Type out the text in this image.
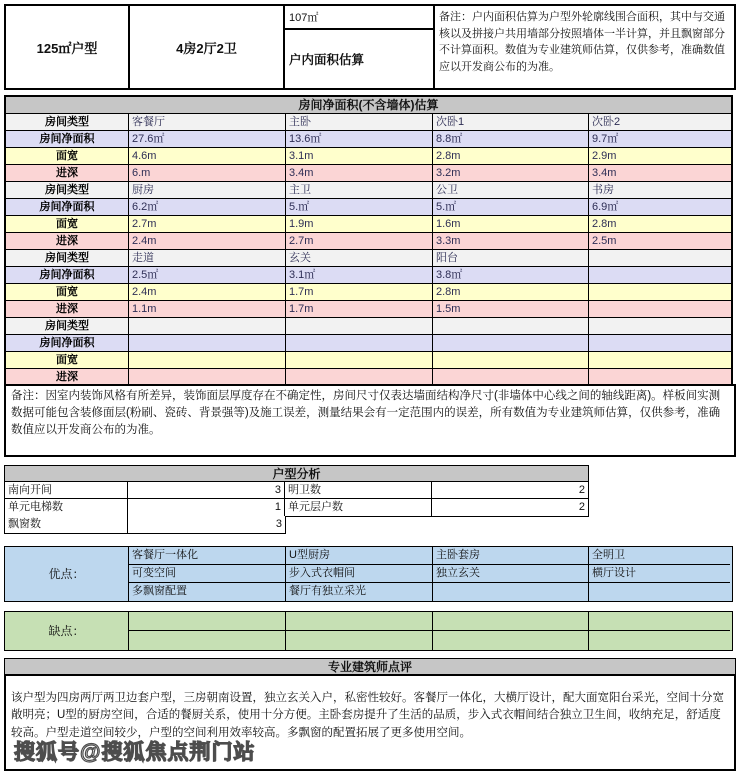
125㎡户型	4房2厅2卫
107㎡
户内面积估算
备注：户内面积估算为户型外轮廓线围合面积，其中与交通核以及拼接户共用墙部分按照墙体一半计算，并且飘窗部分不计算面积。数值为专业建筑师估算，仅供参考，准确数值应以开发商公布的为准。
房间净面积(不含墙体)估算
房间类型	客餐厅	主卧	次卧1	次卧2
房间净面积	27.6㎡	13.6㎡	8.8㎡	9.7㎡
面宽	4.6m	3.1m	2.8m	2.9m
进深	6.m	3.4m	3.2m	3.4m
房间类型	厨房	主卫	公卫	书房
房间净面积	6.2㎡	5.㎡	5.㎡	6.9㎡
面宽	2.7m	1.9m	1.6m	2.8m
进深	2.4m	2.7m	3.3m	2.5m
房间类型	走道	玄关	阳台
房间净面积	2.5㎡	3.1㎡	3.8㎡
面宽	2.4m	1.7m	2.8m
进深	1.1m	1.7m	1.5m
房间类型
房间净面积
面宽
进深
备注：因室内装饰风格有所差异，装饰面层厚度存在不确定性，房间尺寸仅表达墙面结构净尺寸(非墙体中心线之间的轴线距离)。样板间实测数据可能包含装修面层(粉刷、瓷砖、背景强等)及施工误差，测量结果会有一定范围内的误差，所有数值为专业建筑师估算，仅供参考，准确数值应以开发商公布的为准。
户型分析
南向开间	3 明卫数	2
单元电梯数	1 单元层户数	2
飘窗数	3
优点：
客餐厅一体化	U型厨房	主卧套房	全明卫
可变空间	步入式衣帽间	独立玄关	横厅设计
多飘窗配置	餐厅有独立采光
缺点：
专业建筑师点评
该户型为四房两厅两卫边套户型，三房朝南设置，独立玄关入户，私密性较好。客餐厅一体化，大横厅设计，配大面宽阳台采光，空间十分宽敞明亮；U型的厨房空间，合适的餐厨关系，使用十分方便。主卧套房提升了生活的品质，步入式衣帽间结合独立卫生间，收纳充足，舒适度较高。户型走道空间较少，户型的空间利用效率较高。多飘窗的配置拓展了更多使用空间。
搜狐号@搜狐焦点荆门站
